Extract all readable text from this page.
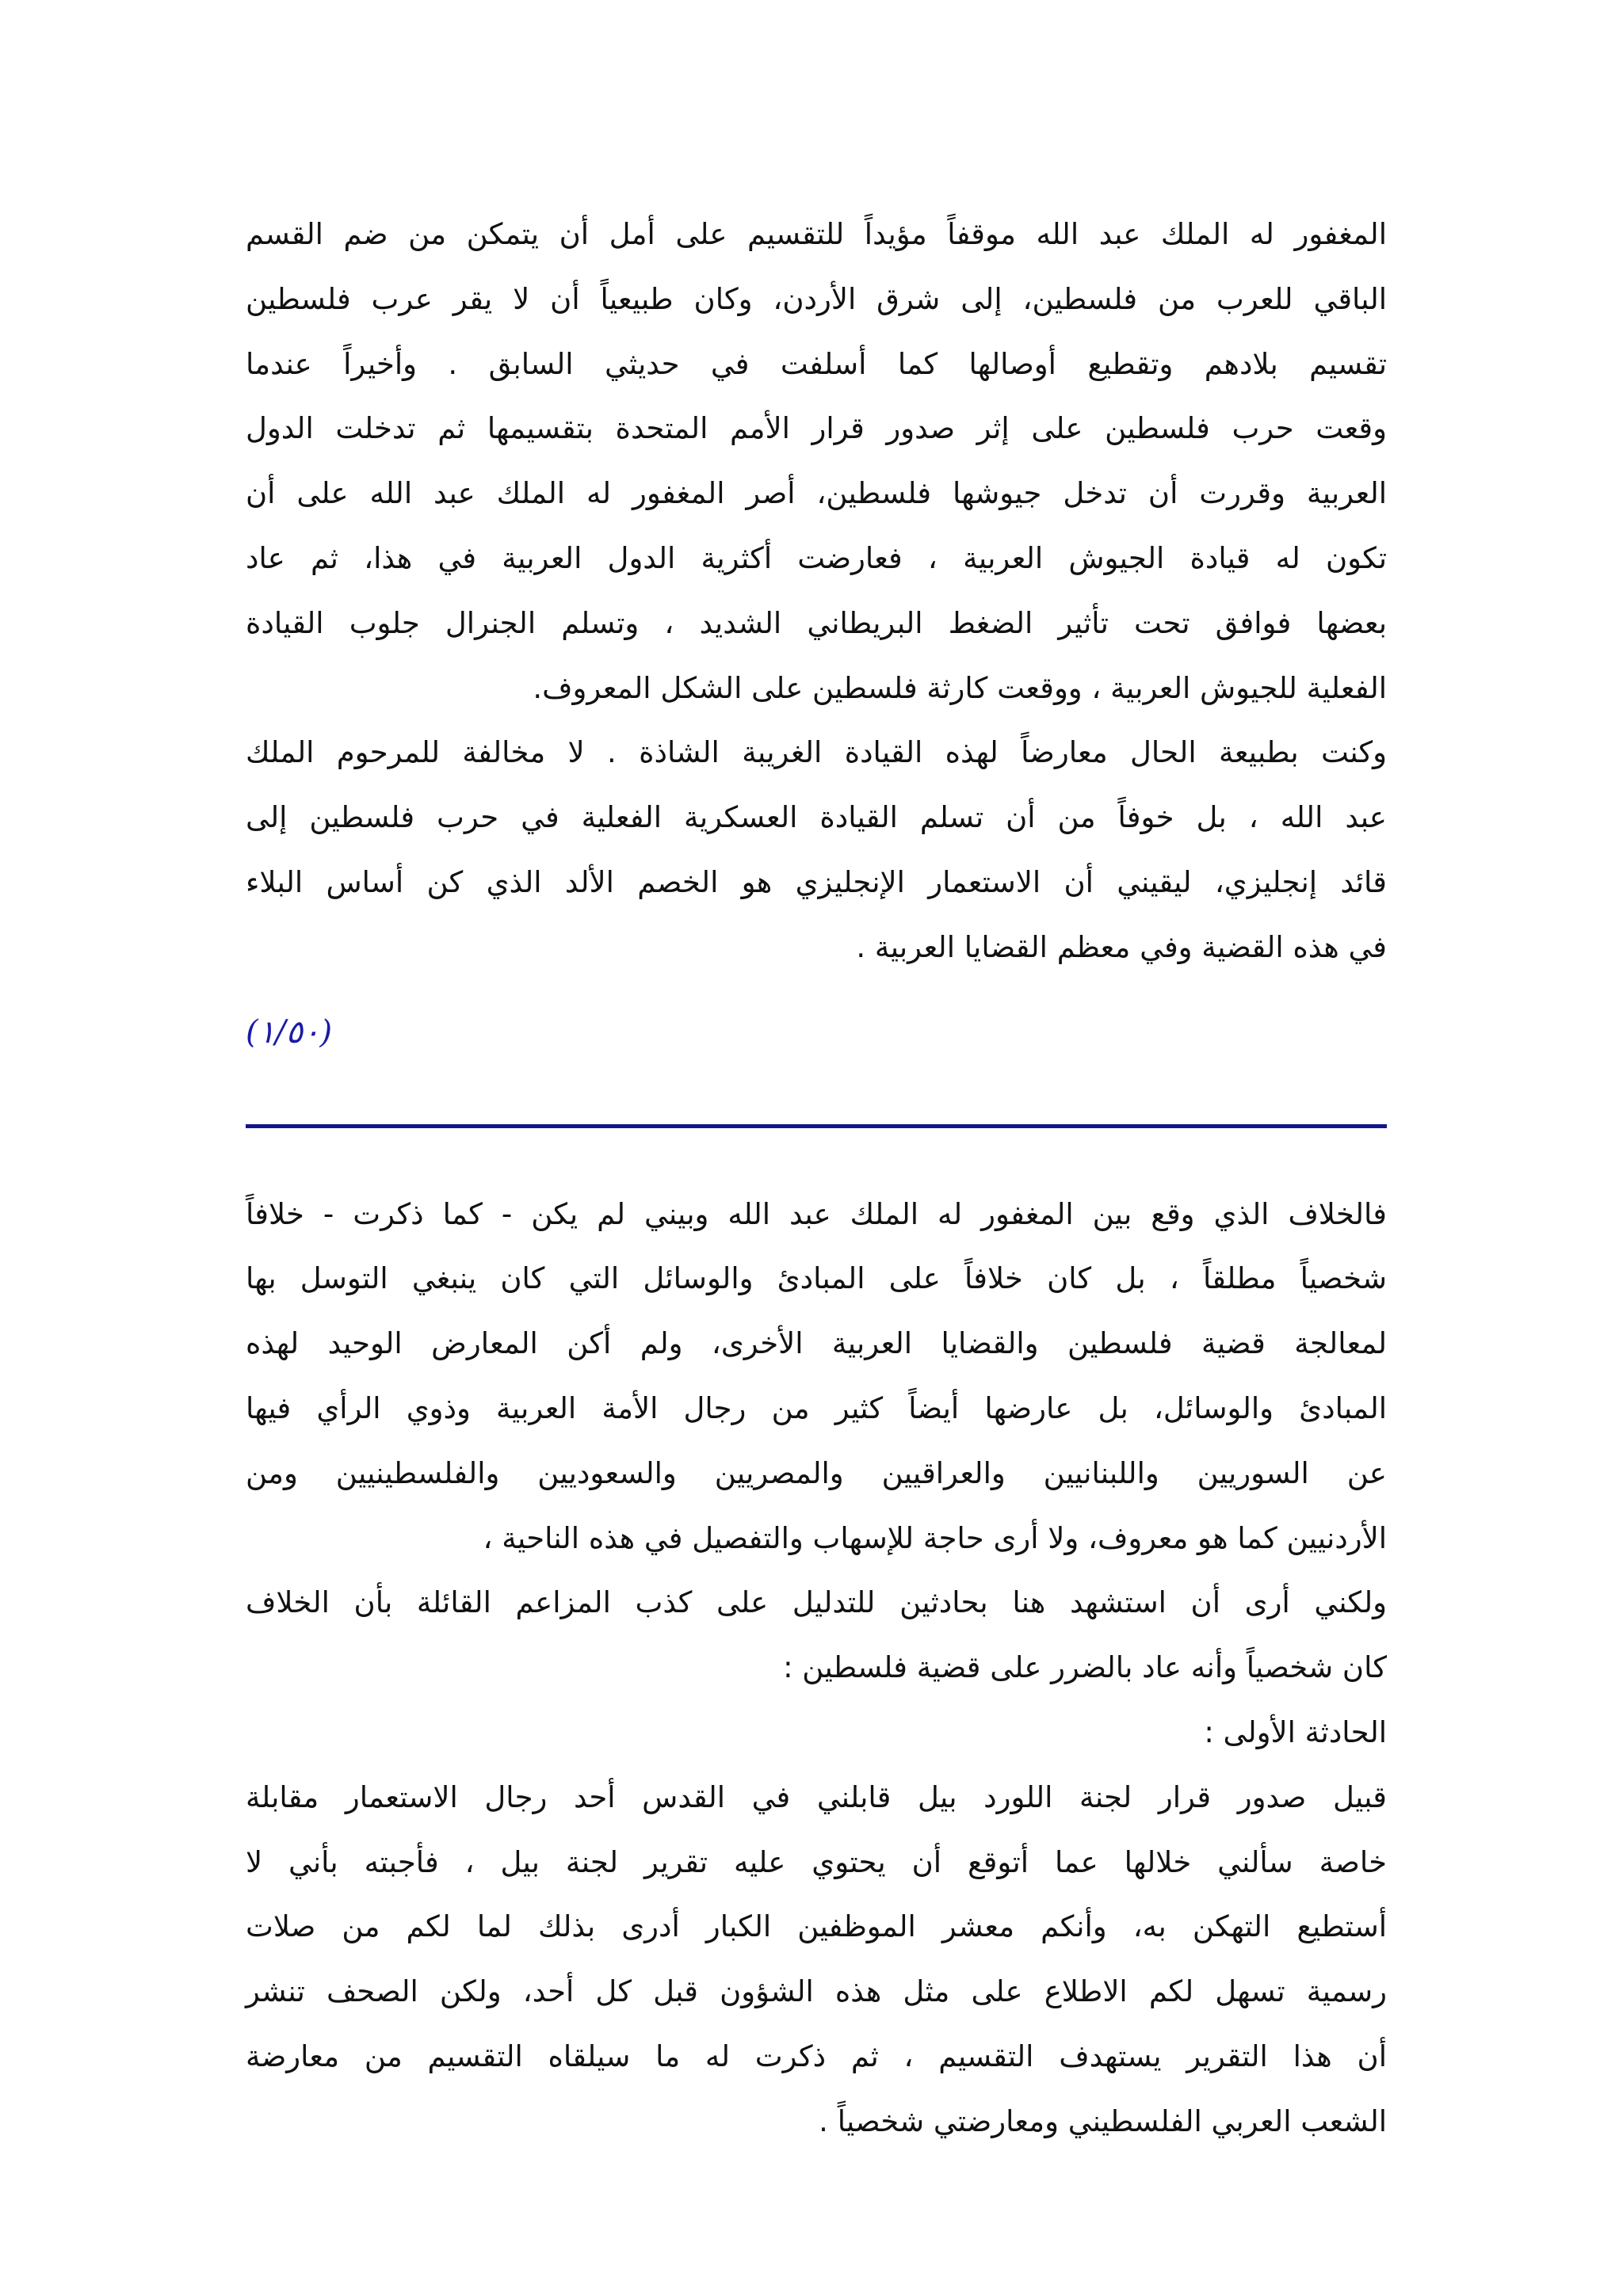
المغفور له الملك عبد الله موقفاً مؤيداً للتقسيم على أمل أن يتمكن من ضم القسم
الباقي للعرب من فلسطين، إلى شرق الأردن، وكان طبيعياً أن لا يقر عرب فلسطين
تقسيم بلادهم وتقطيع أوصالها كما أسلفت في حديثي السابق . وأخيراً عندما
وقعت حرب فلسطين على إثر صدور قرار الأمم المتحدة بتقسيمها ثم تدخلت الدول
العربية وقررت أن تدخل جيوشها فلسطين، أصر المغفور له الملك عبد الله على أن
تكون له قيادة الجيوش العربية ، فعارضت أكثرية الدول العربية في هذا، ثم عاد
بعضها فوافق تحت تأثير الضغط البريطاني الشديد ، وتسلم الجنرال جلوب القيادة
الفعلية للجيوش العربية ، ووقعت كارثة فلسطين على الشكل المعروف.
وكنت بطبيعة الحال معارضاً لهذه القيادة الغريبة الشاذة . لا مخالفة للمرحوم الملك
عبد الله ، بل خوفاً من أن تسلم القيادة العسكرية الفعلية في حرب فلسطين إلى
قائد إنجليزي، ليقيني أن الاستعمار الإنجليزي هو الخصم الألد الذي كن أساس البلاء
في هذه القضية وفي معظم القضايا العربية .
(١/٥٠)
فالخلاف الذي وقع بين المغفور له الملك عبد الله وبيني لم يكن - كما ذكرت - خلافاً
شخصياً مطلقاً ، بل كان خلافاً على المبادئ والوسائل التي كان ينبغي التوسل بها
لمعالجة قضية فلسطين والقضايا العربية الأخرى، ولم أكن المعارض الوحيد لهذه
المبادئ والوسائل، بل عارضها أيضاً كثير من رجال الأمة العربية وذوي الرأي فيها
عن السوريين واللبنانيين والعراقيين والمصريين والسعوديين والفلسطينيين ومن
الأردنيين كما هو معروف، ولا أرى حاجة للإسهاب والتفصيل في هذه الناحية ،
ولكني أرى أن استشهد هنا بحادثين للتدليل على كذب المزاعم القائلة بأن الخلاف
كان شخصياً وأنه عاد بالضرر على قضية فلسطين :
الحادثة الأولى :
قبيل صدور قرار لجنة اللورد بيل قابلني في القدس أحد رجال الاستعمار مقابلة
خاصة سألني خلالها عما أتوقع أن يحتوي عليه تقرير لجنة بيل ، فأجبته بأني لا
أستطيع التهكن به، وأنكم معشر الموظفين الكبار أدرى بذلك لما لكم من صلات
رسمية تسهل لكم الاطلاع على مثل هذه الشؤون قبل كل أحد، ولكن الصحف تنشر
أن هذا التقرير يستهدف التقسيم ، ثم ذكرت له ما سيلقاه التقسيم من معارضة
الشعب العربي الفلسطيني ومعارضتي شخصياً .
